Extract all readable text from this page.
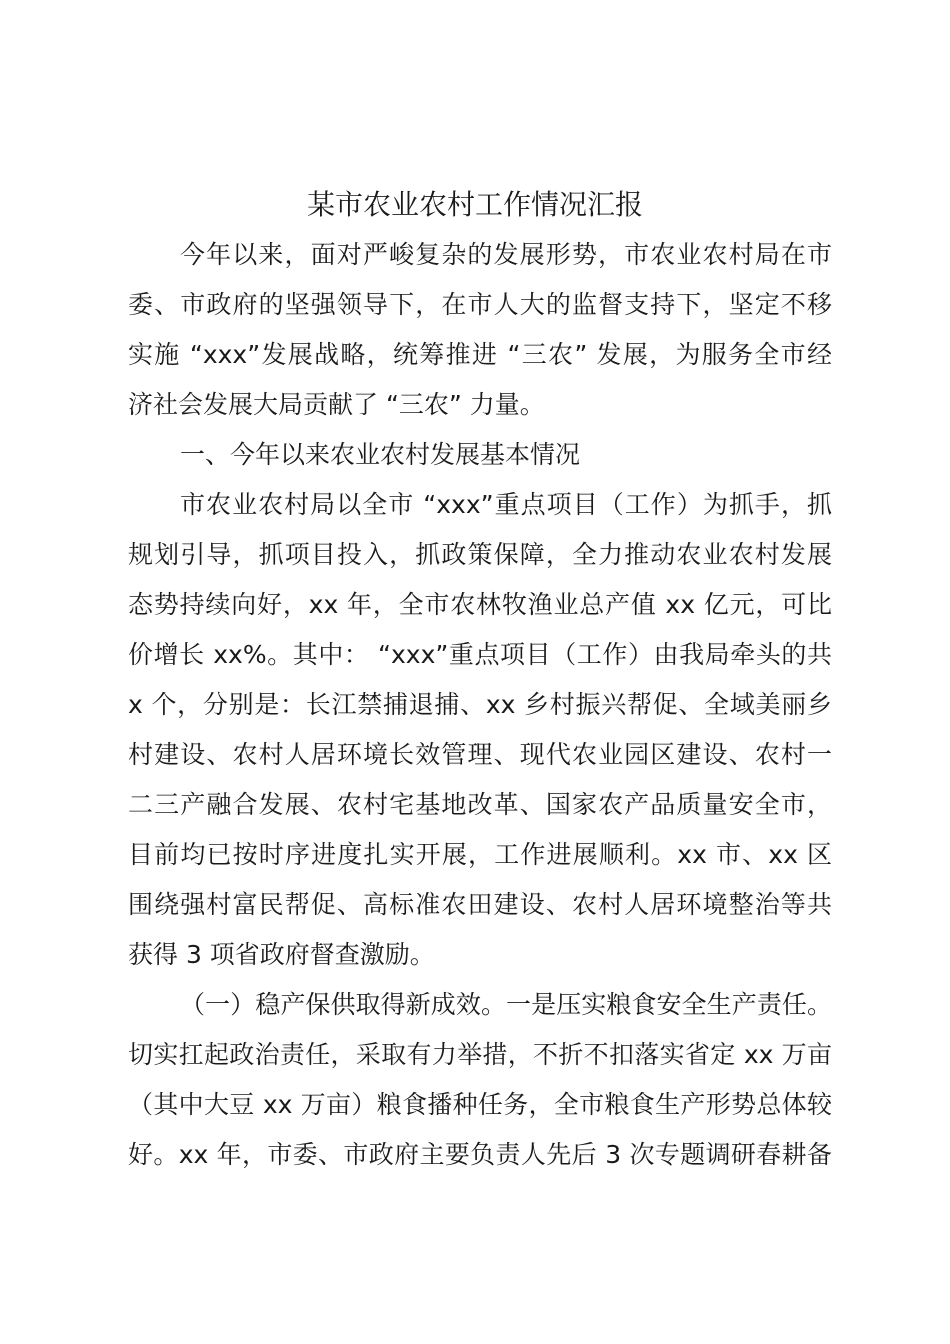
某市农业农村工作情况汇报

今年以来，面对严峻复杂的发展形势，市农业农村局在市

委、市政府的坚强领导下，在市人大的监督支持下，坚定不移

实施 “xxx”发展战略，统筹推进 “三农” 发展，为服务全市经

济社会发展大局贡献了 “三农” 力量。

一、今年以来农业农村发展基本情况

市农业农村局以全市 “xxx”重点项目（工作）为抓手，抓

规划引导，抓项目投入，抓政策保障，全力推动农业农村发展

态势持续向好，xx 年，全市农林牧渔业总产值 xx 亿元，可比

价增长 xx%。其中： “xxx”重点项目（工作）由我局牵头的共

x 个，分别是：长江禁捕退捕、xx 乡村振兴帮促、全域美丽乡

村建设、农村人居环境长效管理、现代农业园区建设、农村一

二三产融合发展、农村宅基地改革、国家农产品质量安全市，

目前均已按时序进度扎实开展，工作进展顺利。xx 市、xx 区

围绕强村富民帮促、高标准农田建设、农村人居环境整治等共

获得 3 项省政府督查激励。

（一）稳产保供取得新成效。一是压实粮食安全生产责任。

切实扛起政治责任，采取有力举措，不折不扣落实省定 xx 万亩

（其中大豆 xx 万亩）粮食播种任务，全市粮食生产形势总体较

好。xx 年，市委、市政府主要负责人先后 3 次专题调研春耕备
